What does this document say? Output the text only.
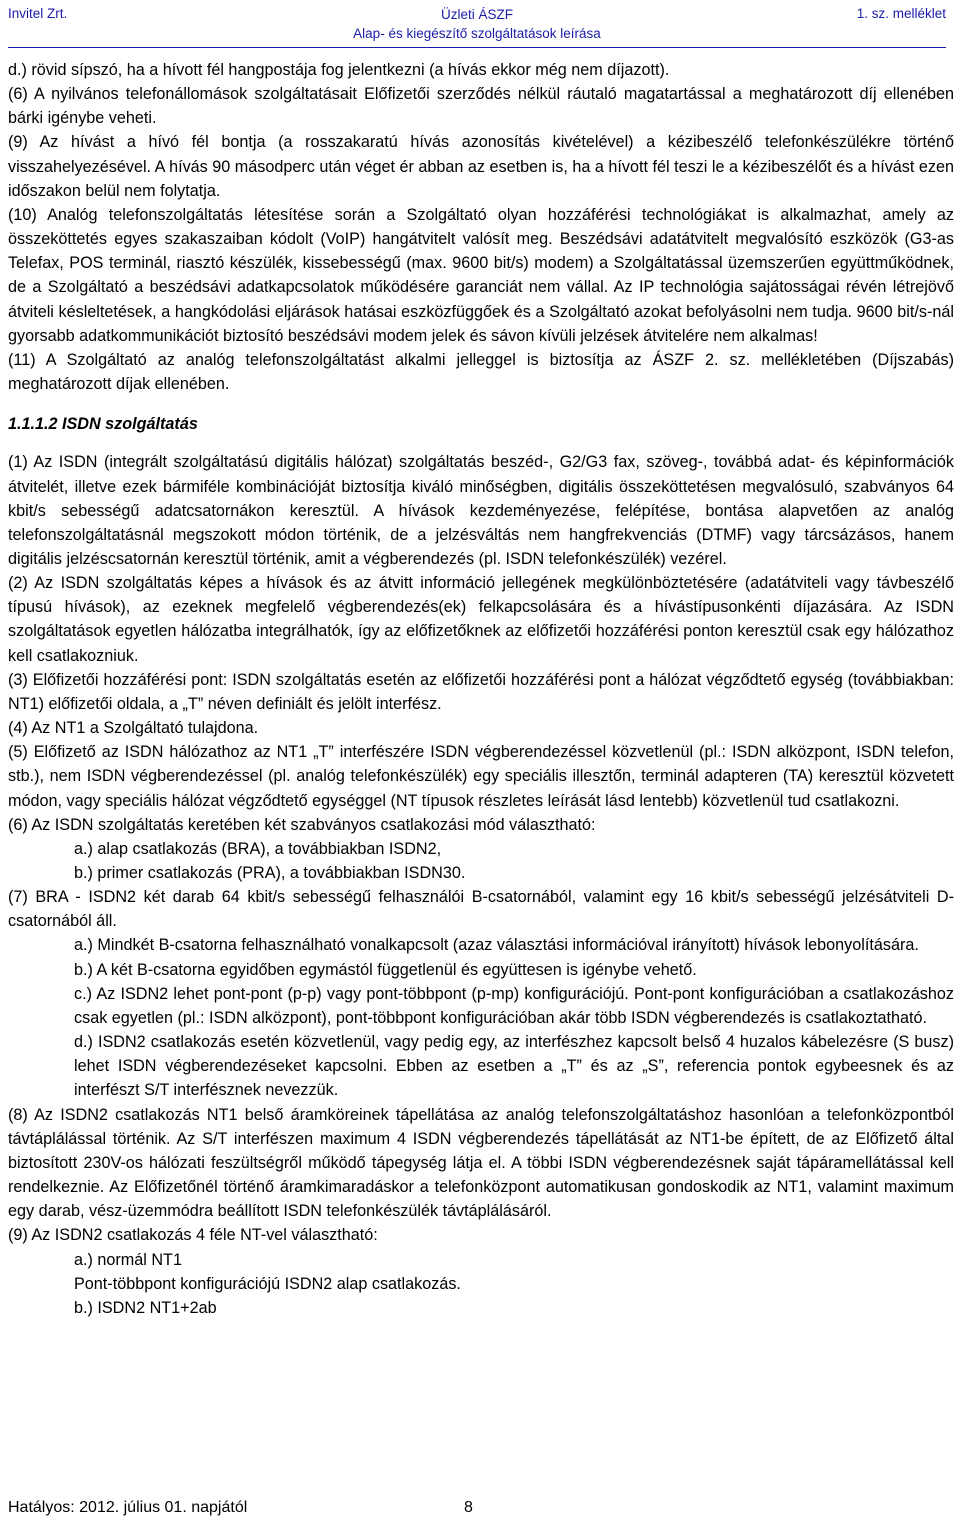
Invitel Zrt.	Üzleti ÁSZF
Alap- és kiegészítő szolgáltatások leírása
1. sz. melléklet

d.) rövid sípszó, ha a hívott fél hangpostája fog jelentkezni (a hívás ekkor még nem díjazott).

(6) A nyilvános telefonállomások szolgáltatásait Előfizetői szerződés nélkül ráutaló magatartással a meghatározott díj ellenében bárki igénybe veheti.

(9) Az hívást a hívó fél bontja (a rosszakaratú hívás azonosítás kivételével) a kézibeszélő telefonkészülékre történő visszahelyezésével. A hívás 90 másodperc után véget ér abban az esetben is, ha a hívott fél teszi le a kézibeszélőt és a hívást ezen időszakon belül nem folytatja.

(10) Analóg telefonszolgáltatás létesítése során a Szolgáltató olyan hozzáférési technológiákat is alkalmazhat, amely az összeköttetés egyes szakaszaiban kódolt (VoIP) hangátvitelt valósít meg. Beszédsávi adatátvitelt megvalósító eszközök (G3-as Telefax, POS terminál, riasztó készülék, kissebességű (max. 9600 bit/s) modem) a Szolgáltatással üzemszerűen együttműködnek, de a Szolgáltató a beszédsávi adatkapcsolatok működésére garanciát nem vállal. Az IP technológia sajátosságai révén létrejövő átviteli késleltetések, a hangkódolási eljárások hatásai eszközfüggőek és a Szolgáltató azokat befolyásolni nem tudja. 9600 bit/s-nál gyorsabb adatkommunikációt biztosító beszédsávi modem jelek és sávon kívüli jelzések átvitelére nem alkalmas!

(11) A Szolgáltató az analóg telefonszolgáltatást alkalmi jelleggel is biztosítja az ÁSZF 2. sz. mellékletében (Díjszabás) meghatározott díjak ellenében.

1.1.1.2 ISDN szolgáltatás

(1) Az ISDN (integrált szolgáltatású digitális hálózat) szolgáltatás beszéd-, G2/G3 fax, szöveg-, továbbá adat- és képinformációk átvitelét, illetve ezek bármiféle kombinációját biztosítja kiváló minőségben, digitális összeköttetésen megvalósuló, szabványos 64 kbit/s sebességű adatcsatornákon keresztül. A hívások kezdeményezése, felépítése, bontása alapvetően az analóg telefonszolgáltatásnál megszokott módon történik, de a jelzésváltás nem hangfrekvenciás (DTMF) vagy tárcsázásos, hanem digitális jelzéscsatornán keresztül történik, amit a végberendezés (pl. ISDN telefonkészülék) vezérel.

(2) Az ISDN szolgáltatás képes a hívások és az átvitt információ jellegének megkülönböztetésére (adatátviteli vagy távbeszélő típusú hívások), az ezeknek megfelelő végberendezés(ek) felkapcsolására és a hívástípusonkénti díjazására. Az ISDN szolgáltatások egyetlen hálózatba integrálhatók, így az előfizetőknek az előfizetői hozzáférési ponton keresztül csak egy hálózathoz kell csatlakozniuk.

(3) Előfizetői hozzáférési pont: ISDN szolgáltatás esetén az előfizetői hozzáférési pont a hálózat végződtető egység (továbbiakban: NT1) előfizetői oldala, a „T” néven definiált és jelölt interfész.

(4) Az NT1 a Szolgáltató tulajdona.

(5) Előfizető az ISDN hálózathoz az NT1 „T” interfészére ISDN végberendezéssel közvetlenül (pl.: ISDN alközpont, ISDN telefon, stb.), nem ISDN végberendezéssel (pl. analóg telefonkészülék) egy speciális illesztőn, terminál adapteren (TA) keresztül közvetett módon, vagy speciális hálózat végződtető egységgel (NT típusok részletes leírását lásd lentebb) közvetlenül tud csatlakozni.

(6) Az ISDN szolgáltatás keretében két szabványos csatlakozási mód választható:

a.) alap csatlakozás (BRA), a továbbiakban ISDN2,

b.) primer csatlakozás (PRA), a továbbiakban ISDN30.

(7) BRA - ISDN2 két darab 64 kbit/s sebességű felhasználói B-csatornából, valamint egy 16 kbit/s sebességű jelzésátviteli D-csatornából áll.

a.) Mindkét B-csatorna felhasználható vonalkapcsolt (azaz választási információval irányított) hívások lebonyolítására.

b.) A két B-csatorna egyidőben egymástól függetlenül és együttesen is igénybe vehető.

c.) Az ISDN2 lehet pont-pont (p-p) vagy pont-többpont (p-mp) konfigurációjú. Pont-pont konfigurációban a csatlakozáshoz csak egyetlen (pl.: ISDN alközpont), pont-többpont konfigurációban akár több ISDN végberendezés is csatlakoztatható.

d.) ISDN2 csatlakozás esetén közvetlenül, vagy pedig egy, az interfészhez kapcsolt belső 4 huzalos kábelezésre (S busz) lehet ISDN végberendezéseket kapcsolni. Ebben az esetben a „T” és az „S”, referencia pontok egybeesnek és az interfészt S/T interfésznek nevezzük.

(8) Az ISDN2 csatlakozás NT1 belső áramköreinek tápellátása az analóg telefonszolgáltatáshoz hasonlóan a telefonközpontból távtáplálással történik. Az S/T interfészen maximum 4 ISDN végberendezés tápellátását az NT1-be épített, de az Előfizető által biztosított 230V-os hálózati feszültségről működő tápegység látja el. A többi ISDN végberendezésnek saját tápáramellátással kell rendelkeznie. Az Előfizetőnél történő áramkimaradáskor a telefonközpont automatikusan gondoskodik az NT1, valamint maximum egy darab, vész-üzemmódra beállított ISDN telefonkészülék távtáplálásáról.

(9) Az ISDN2 csatlakozás 4 féle NT-vel választható:

a.) normál NT1

Pont-többpont konfigurációjú ISDN2 alap csatlakozás.

b.) ISDN2 NT1+2ab

Hatályos: 2012. július 01. napjától	8
